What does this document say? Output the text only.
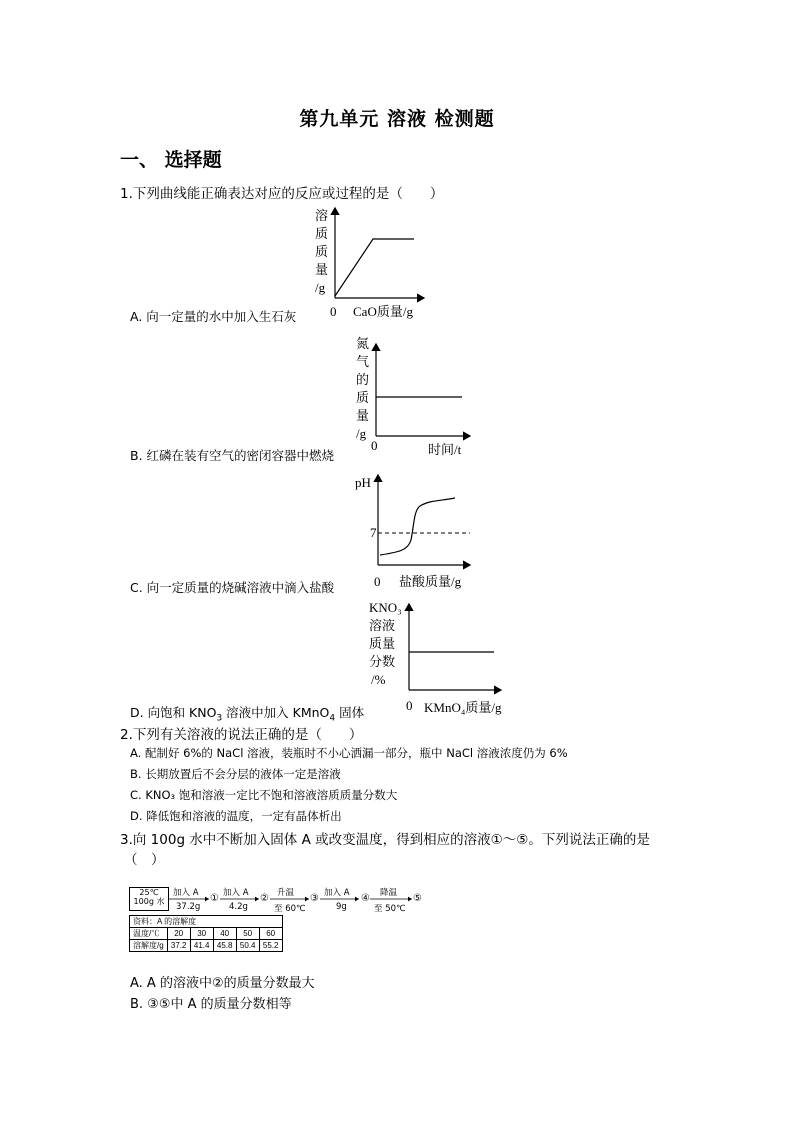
第九单元 溶液 检测题
一、 选择题
1.下列曲线能正确表达对应的反应或过程的是（　　）
溶
质
质
量
/g
0 CaO质量/g
氮
气
的
质
量
/g
0	时间/t
pH
7
0 盐酸质量/g
KNO₃
溶液
质量
分数
/%
0 KMnO₄质量/g
A. 向一定量的水中加入生石灰
B. 红磷在装有空气的密闭容器中燃烧
C. 向一定质量的烧碱溶液中滴入盐酸
D. 向饱和 $KNO_3$ 溶液中加入 KMnO$_4$ 固体
2.下列有关溶液的说法正确的是（　　）
A. 配制好 6%的 NaCl 溶液，装瓶时不小心洒漏一部分，瓶中 NaCl 溶液浓度仍为 6%
B. 长期放置后不会分层的液体一定是溶液
C. KNO₃ 饱和溶液一定比不饱和溶液溶质质量分数大
D. 降低饱和溶液的温度，一定有晶体析出
3.向 100g 水中不断加入固体 A 或改变温度，得到相应的溶液①～⑤。下列说法正确的是
（　）
25℃
100g 水
加入 A
37.2g
① 加入 A
4.2g
② 升温
至 60℃
③ 加入 A
9g
④ 降温
至 50℃
⑤
资料：A 的溶解度					
温度/℃	20	30	40	50	60
溶解度/g	37.2	41.4	45.8	50.4	55.2
A. A 的溶液中②的质量分数最大
B. ③⑤中 A 的质量分数相等
